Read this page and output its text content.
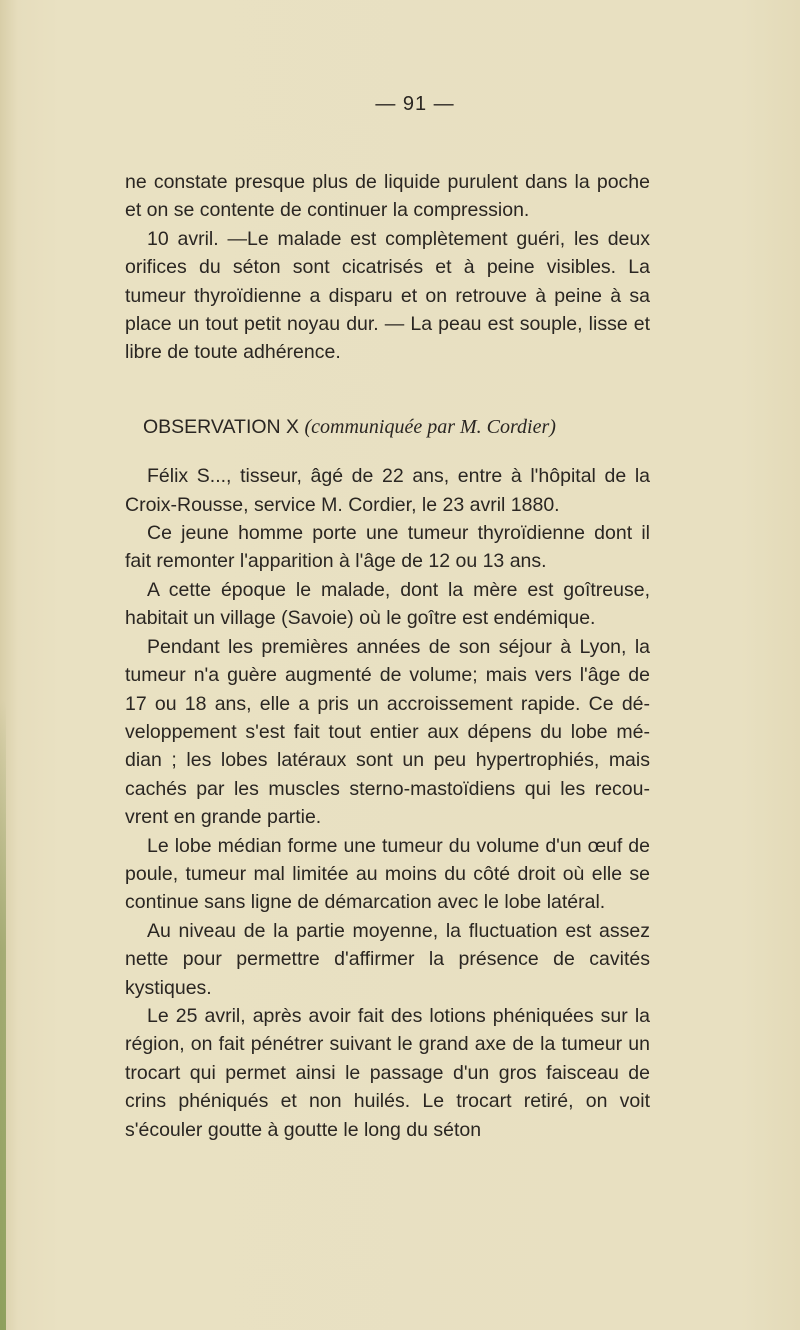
— 91 —

ne constate presque plus de liquide purulent dans la poche et on se contente de continuer la compression.

10 avril. —Le malade est complètement guéri, les deux orifices du séton sont cicatrisés et à peine visibles. La tumeur thyroïdienne a disparu et on retrouve à peine à sa place un tout petit noyau dur. — La peau est souple, lisse et libre de toute adhérence.

OBSERVATION X (communiquée par M. Cordier)

Félix S..., tisseur, âgé de 22 ans, entre à l'hôpital de la Croix-Rousse, service M. Cordier, le 23 avril 1880.

Ce jeune homme porte une tumeur thyroïdienne dont il fait remonter l'apparition à l'âge de 12 ou 13 ans.

A cette époque le malade, dont la mère est goîtreuse, habitait un village (Savoie) où le goître est endémique.

Pendant les premières années de son séjour à Lyon, la tumeur n'a guère augmenté de volume; mais vers l'âge de 17 ou 18 ans, elle a pris un accroissement rapide. Ce dé-veloppement s'est fait tout entier aux dépens du lobe mé-dian ; les lobes latéraux sont un peu hypertrophiés, mais cachés par les muscles sterno-mastoïdiens qui les recou-vrent en grande partie.

Le lobe médian forme une tumeur du volume d'un œuf de poule, tumeur mal limitée au moins du côté droit où elle se continue sans ligne de démarcation avec le lobe latéral.

Au niveau de la partie moyenne, la fluctuation est assez nette pour permettre d'affirmer la présence de cavités kystiques.

Le 25 avril, après avoir fait des lotions phéniquées sur la région, on fait pénétrer suivant le grand axe de la tumeur un trocart qui permet ainsi le passage d'un gros faisceau de crins phéniqués et non huilés. Le trocart retiré, on voit s'écouler goutte à goutte le long du séton
